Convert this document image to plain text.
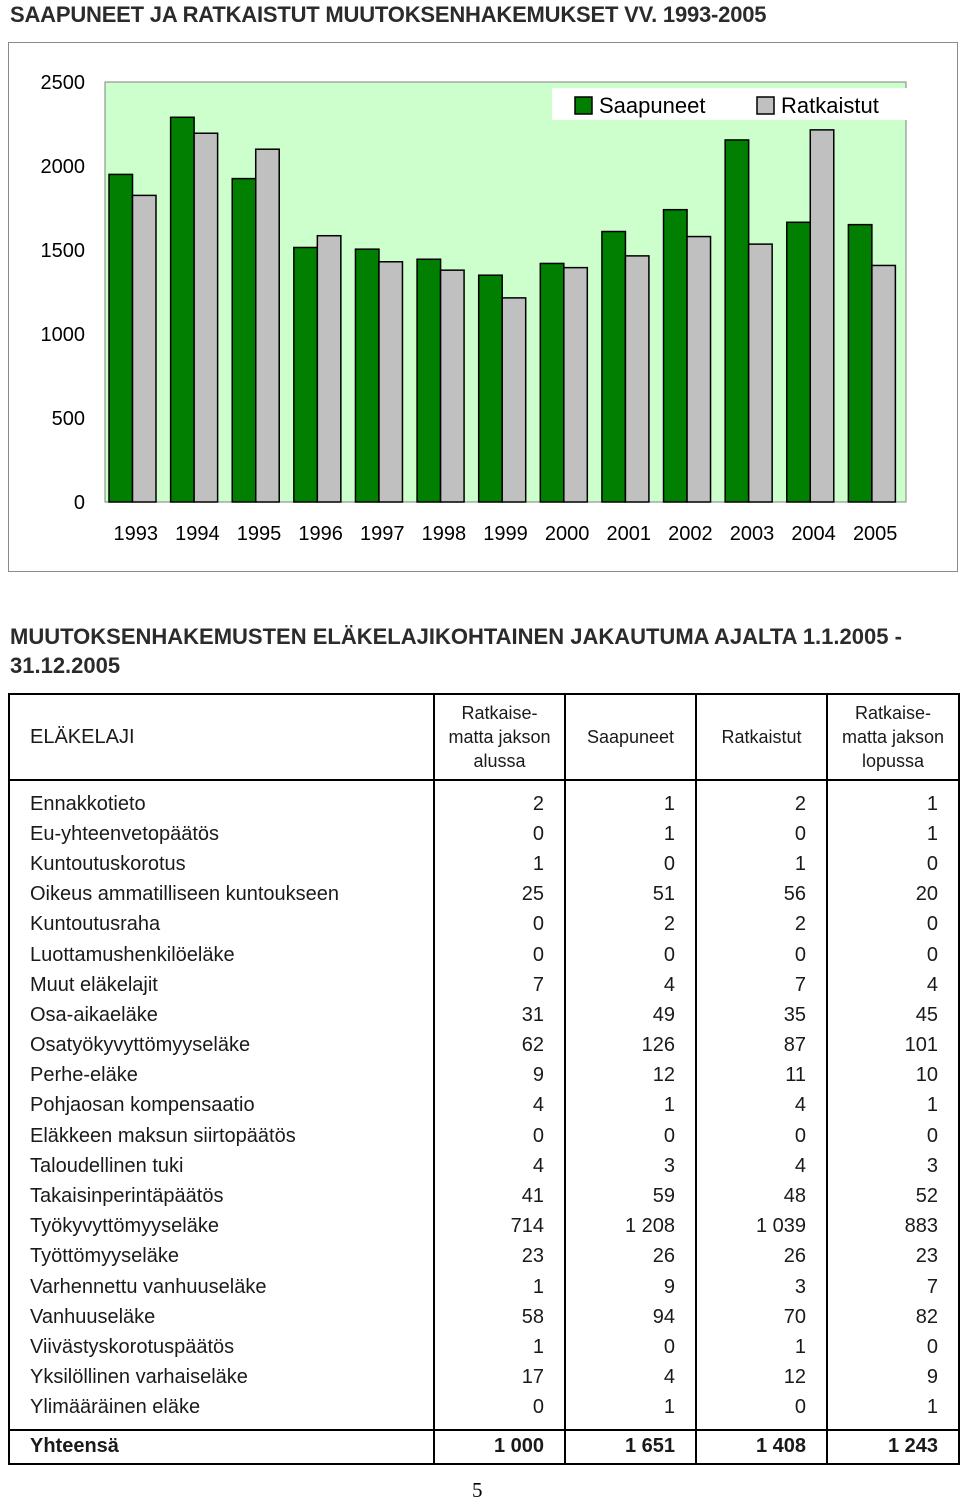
SAAPUNEET JA RATKAISTUT MUUTOKSENHAKEMUKSET VV. 1993-2005
0
500
1000
1500
2000
2500
1993 1994 1995 1996 1997 1998 1999 2000 2001 2002 2003 2004 2005
Saapuneet	Ratkaistut
MUUTOKSENHAKEMUSTEN ELÄKELAJIKOHTAINEN JAKAUTUMA AJALTA 1.1.2005 - 31.12.2005
ELÄKELAJI	Ratkaise-
matta jakson
alussa	Saapuneet	Ratkaistut	Ratkaise-
matta jakson
lopussa
Ennakkotieto	2	1	2	1
Eu-yhteenvetopäätös	0	1	0	1
Kuntoutuskorotus	1	0	1	0
Oikeus ammatilliseen kuntoukseen	25	51	56	20
Kuntoutusraha	0	2	2	0
Luottamushenkilöeläke	0	0	0	0
Muut eläkelajit	7	4	7	4
Osa-aikaeläke	31	49	35	45
Osatyökyvyttömyyseläke	62	126	87	101
Perhe-eläke	9	12	11	10
Pohjaosan kompensaatio	4	1	4	1
Eläkkeen maksun siirtopäätös	0	0	0	0
Taloudellinen tuki	4	3	4	3
Takaisinperintäpäätös	41	59	48	52
Työkyvyttömyyseläke	714	1 208	1 039	883
Työttömyyseläke	23	26	26	23
Varhennettu vanhuuseläke	1	9	3	7
Vanhuuseläke	58	94	70	82
Viivästyskorotuspäätös	1	0	1	0
Yksilöllinen varhaiseläke	17	4	12	9
Ylimääräinen eläke	0	1	0	1
Yhteensä	1 000	1 651	1 408	1 243
5
